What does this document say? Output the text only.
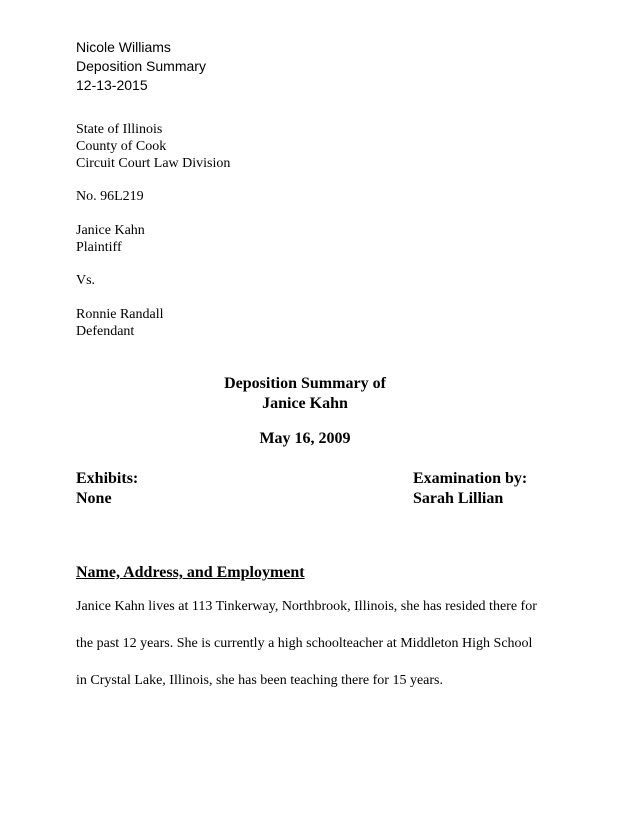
Nicole Williams
Deposition Summary
12-13-2015
State of Illinois
County of Cook
Circuit Court Law Division
No. 96L219
Janice Kahn
Plaintiff
Vs.
Ronnie Randall
Defendant
Deposition Summary of
Janice Kahn
May 16, 2009
Exhibits:
None
Examination by:
Sarah Lillian
Name, Address, and Employment
Janice Kahn lives at 113 Tinkerway, Northbrook, Illinois, she has resided there for
the past 12 years. She is currently a high schoolteacher at Middleton High School
in Crystal Lake, Illinois, she has been teaching there for 15 years.
